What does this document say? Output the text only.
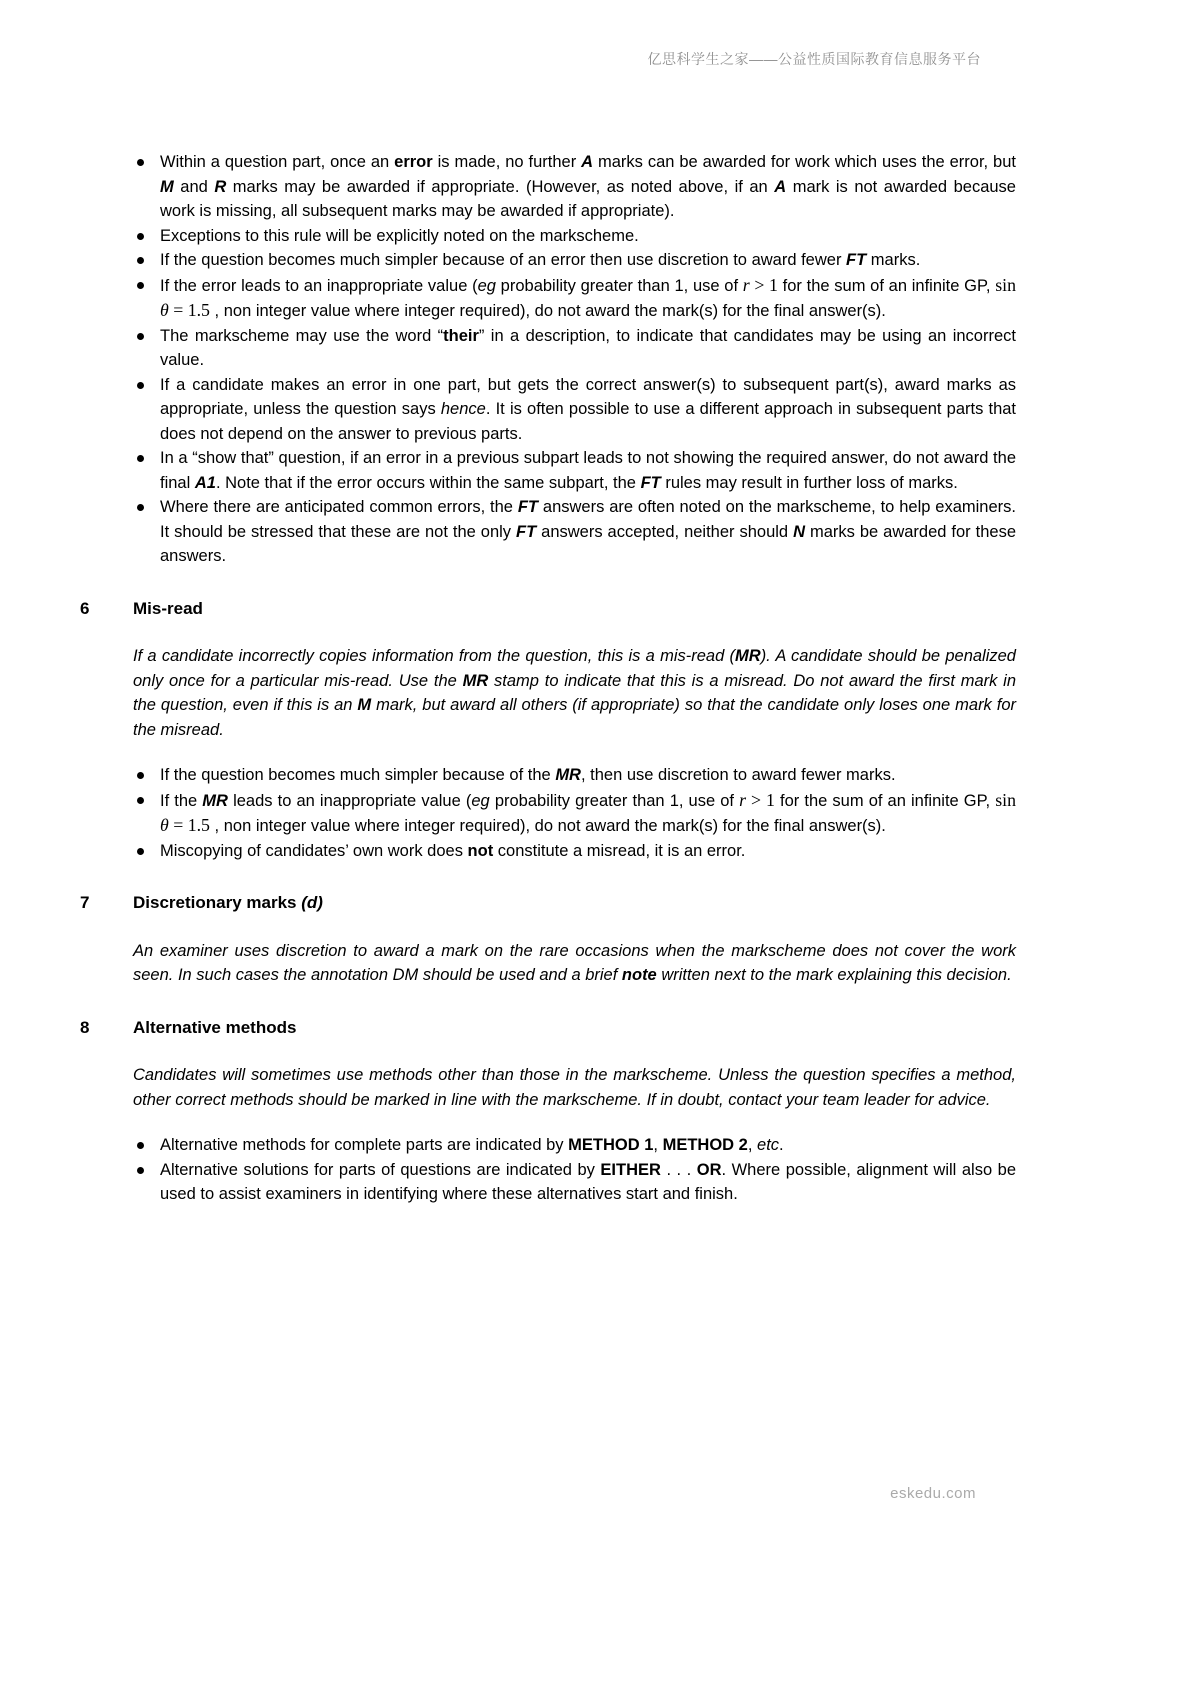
亿思科学生之家——公益性质国际教育信息服务平台
Within a question part, once an error is made, no further A marks can be awarded for work which uses the error, but M and R marks may be awarded if appropriate. (However, as noted above, if an A mark is not awarded because work is missing, all subsequent marks may be awarded if appropriate).
Exceptions to this rule will be explicitly noted on the markscheme.
If the question becomes much simpler because of an error then use discretion to award fewer FT marks.
If the error leads to an inappropriate value (eg probability greater than 1, use of r > 1 for the sum of an infinite GP, sin θ = 1.5 , non integer value where integer required), do not award the mark(s) for the final answer(s).
The markscheme may use the word “their” in a description, to indicate that candidates may be using an incorrect value.
If a candidate makes an error in one part, but gets the correct answer(s) to subsequent part(s), award marks as appropriate, unless the question says hence. It is often possible to use a different approach in subsequent parts that does not depend on the answer to previous parts.
In a “show that” question, if an error in a previous subpart leads to not showing the required answer, do not award the final A1. Note that if the error occurs within the same subpart, the FT rules may result in further loss of marks.
Where there are anticipated common errors, the FT answers are often noted on the markscheme, to help examiners. It should be stressed that these are not the only FT answers accepted, neither should N marks be awarded for these answers.
6	Mis-read

If a candidate incorrectly copies information from the question, this is a mis-read (MR). A candidate should be penalized only once for a particular mis-read. Use the MR stamp to indicate that this is a misread. Do not award the first mark in the question, even if this is an M mark, but award all others (if appropriate) so that the candidate only loses one mark for the misread.

If the question becomes much simpler because of the MR, then use discretion to award fewer marks.
If the MR leads to an inappropriate value (eg probability greater than 1, use of r > 1 for the sum of an infinite GP, sin θ = 1.5 , non integer value where integer required), do not award the mark(s) for the final answer(s).
Miscopying of candidates’ own work does not constitute a misread, it is an error.
7	Discretionary marks (d)

An examiner uses discretion to award a mark on the rare occasions when the markscheme does not cover the work seen. In such cases the annotation DM should be used and a brief note written next to the mark explaining this decision.

8	Alternative methods

Candidates will sometimes use methods other than those in the markscheme. Unless the question specifies a method, other correct methods should be marked in line with the markscheme. If in doubt, contact your team leader for advice.

Alternative methods for complete parts are indicated by METHOD 1, METHOD 2, etc.
Alternative solutions for parts of questions are indicated by EITHER . . . OR. Where possible, alignment will also be used to assist examiners in identifying where these alternatives start and finish.
eskedu.com
